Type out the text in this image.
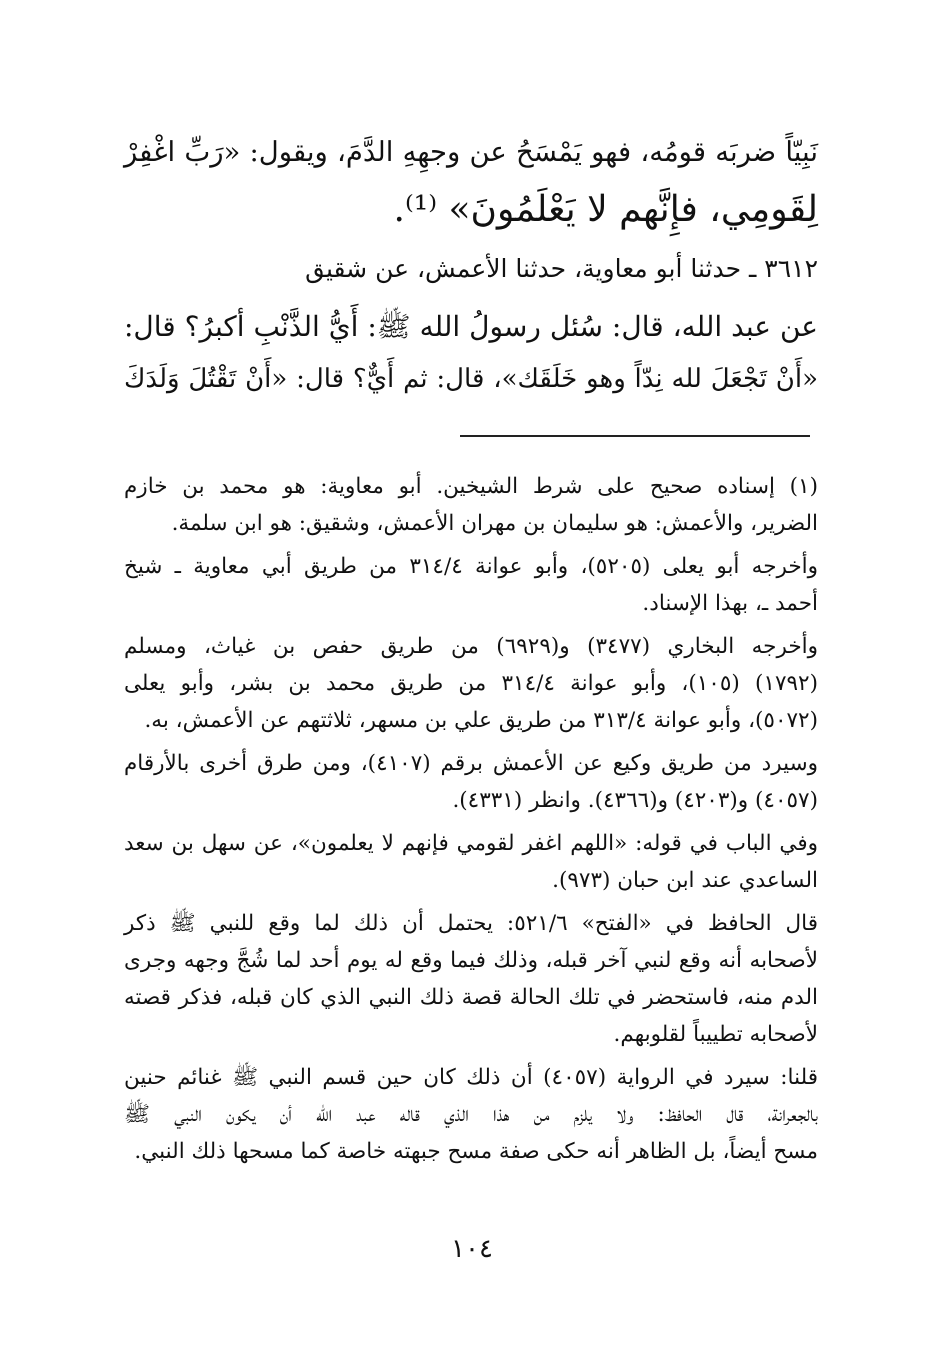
نَبِيّاً ضربَه قومُه، فهو يَمْسَحُ عن وجهِهِ الدَّمَ، ويقول: «رَبِّ اغْفِرْ

لِقَومِي، فإِنَّهم لا يَعْلَمُونَ» ⁽¹⁾.

٣٦١٢ ـ حدثنا أبو معاوية، حدثنا الأعمش، عن شقيق

عن عبد الله، قال: سُئل رسولُ الله ﷺ: أَيُّ الذَّنْبِ أكبرُ؟ قال:

«أَنْ تَجْعَلَ لله نِدّاً وهو خَلَقَك»، قال: ثم أَيٌّ؟ قال: «أَنْ تَقْتُلَ وَلَدَكَ

(١) إسناده صحيح على شرط الشيخين. أبو معاوية: هو محمد بن خازم

الضرير، والأعمش: هو سليمان بن مهران الأعمش، وشقيق: هو ابن سلمة.

وأخرجه أبو يعلى (٥٢٠٥)، وأبو عوانة ٣١٤/٤ من طريق أبي معاوية ـ شيخ

أحمد ـ، بهذا الإسناد.

وأخرجه البخاري (٣٤٧٧) و(٦٩٢٩) من طريق حفص بن غياث، ومسلم

(١٧٩٢) (١٠٥)، وأبو عوانة ٣١٤/٤ من طريق محمد بن بشر، وأبو يعلى

(٥٠٧٢)، وأبو عوانة ٣١٣/٤ من طريق علي بن مسهر، ثلاثتهم عن الأعمش، به.

وسيرد من طريق وكيع عن الأعمش برقم (٤١٠٧)، ومن طرق أخرى بالأرقام

(٤٠٥٧) و(٤٢٠٣) و(٤٣٦٦). وانظر (٤٣٣١).

وفي الباب في قوله: «اللهم اغفر لقومي فإنهم لا يعلمون»، عن سهل بن سعد

الساعدي عند ابن حبان (٩٧٣).

قال الحافظ في «الفتح» ٥٢١/٦: يحتمل أن ذلك لما وقع للنبي ﷺ ذكر

لأصحابه أنه وقع لنبي آخر قبله، وذلك فيما وقع له يوم أحد لما شُجَّ وجهه وجرى

الدم منه، فاستحضر في تلك الحالة قصة ذلك النبي الذي كان قبله، فذكر قصته

لأصحابه تطييباً لقلوبهم.

قلنا: سيرد في الرواية (٤٠٥٧) أن ذلك كان حين قسم النبي ﷺ غنائم حنين

بالجعرانة، قال الحافظ: ولا يلزم من هذا الذي قاله عبد الله أن يكون النبي ﷺ

مسح أيضاً، بل الظاهر أنه حكى صفة مسح جبهته خاصة كما مسحها ذلك النبي.

١٠٤
